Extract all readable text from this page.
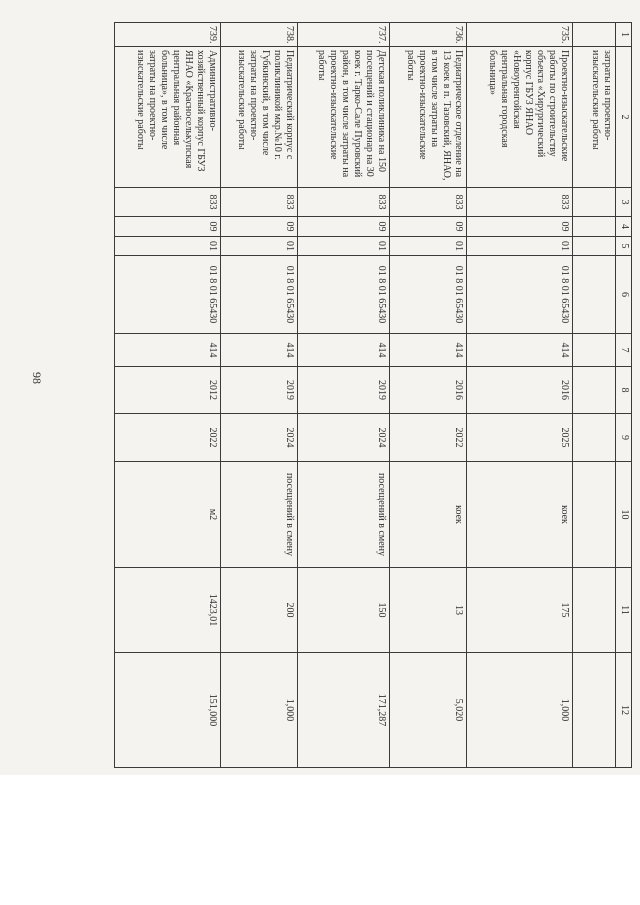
98
1	2	3	4	5	6	7	8	9	10	11	12
	затраты на проектно-изыскательские работы										
735.	Проектно-изыскательские работы по строительству объекта «Хирургический корпус ГБУЗ ЯНАО «Новоуренгойская центральная городская больница»	833	09	01	01 8 01 65430	414	2016	2025	коек	175	1,000
736.	Педиатрическое отделение на 13 коек в п. Тазовский, ЯНАО, в том числе затраты на проектно-изыскательские работы	833	09	01	01 8 01 65430	414	2016	2022	коек	13	5,020
737.	Детская поликлиника на 150 посещений и стационар на 30 коек г. Тарко-Сале Пуровский район, в том числе затраты на проектно-изыскательские работы	833	09	01	01 8 01 65430	414	2019	2024	посещений в смену	150	171,287
738.	Педиатрический корпус с поликлиникой мкр.№10 г. Губкинский, в том числе затраты на проектно-изыскательские работы	833	09	01	01 8 01 65430	414	2019	2024	посещений в смену	200	1,000
739.	Административно-хозяйственный корпус ГБУЗ ЯНАО «Красноселькупская центральная районная больница», в том числе затраты на проектно-изыскательские работы	833	09	01	01 8 01 65430	414	2012	2022	м2	1423,01	151,000
